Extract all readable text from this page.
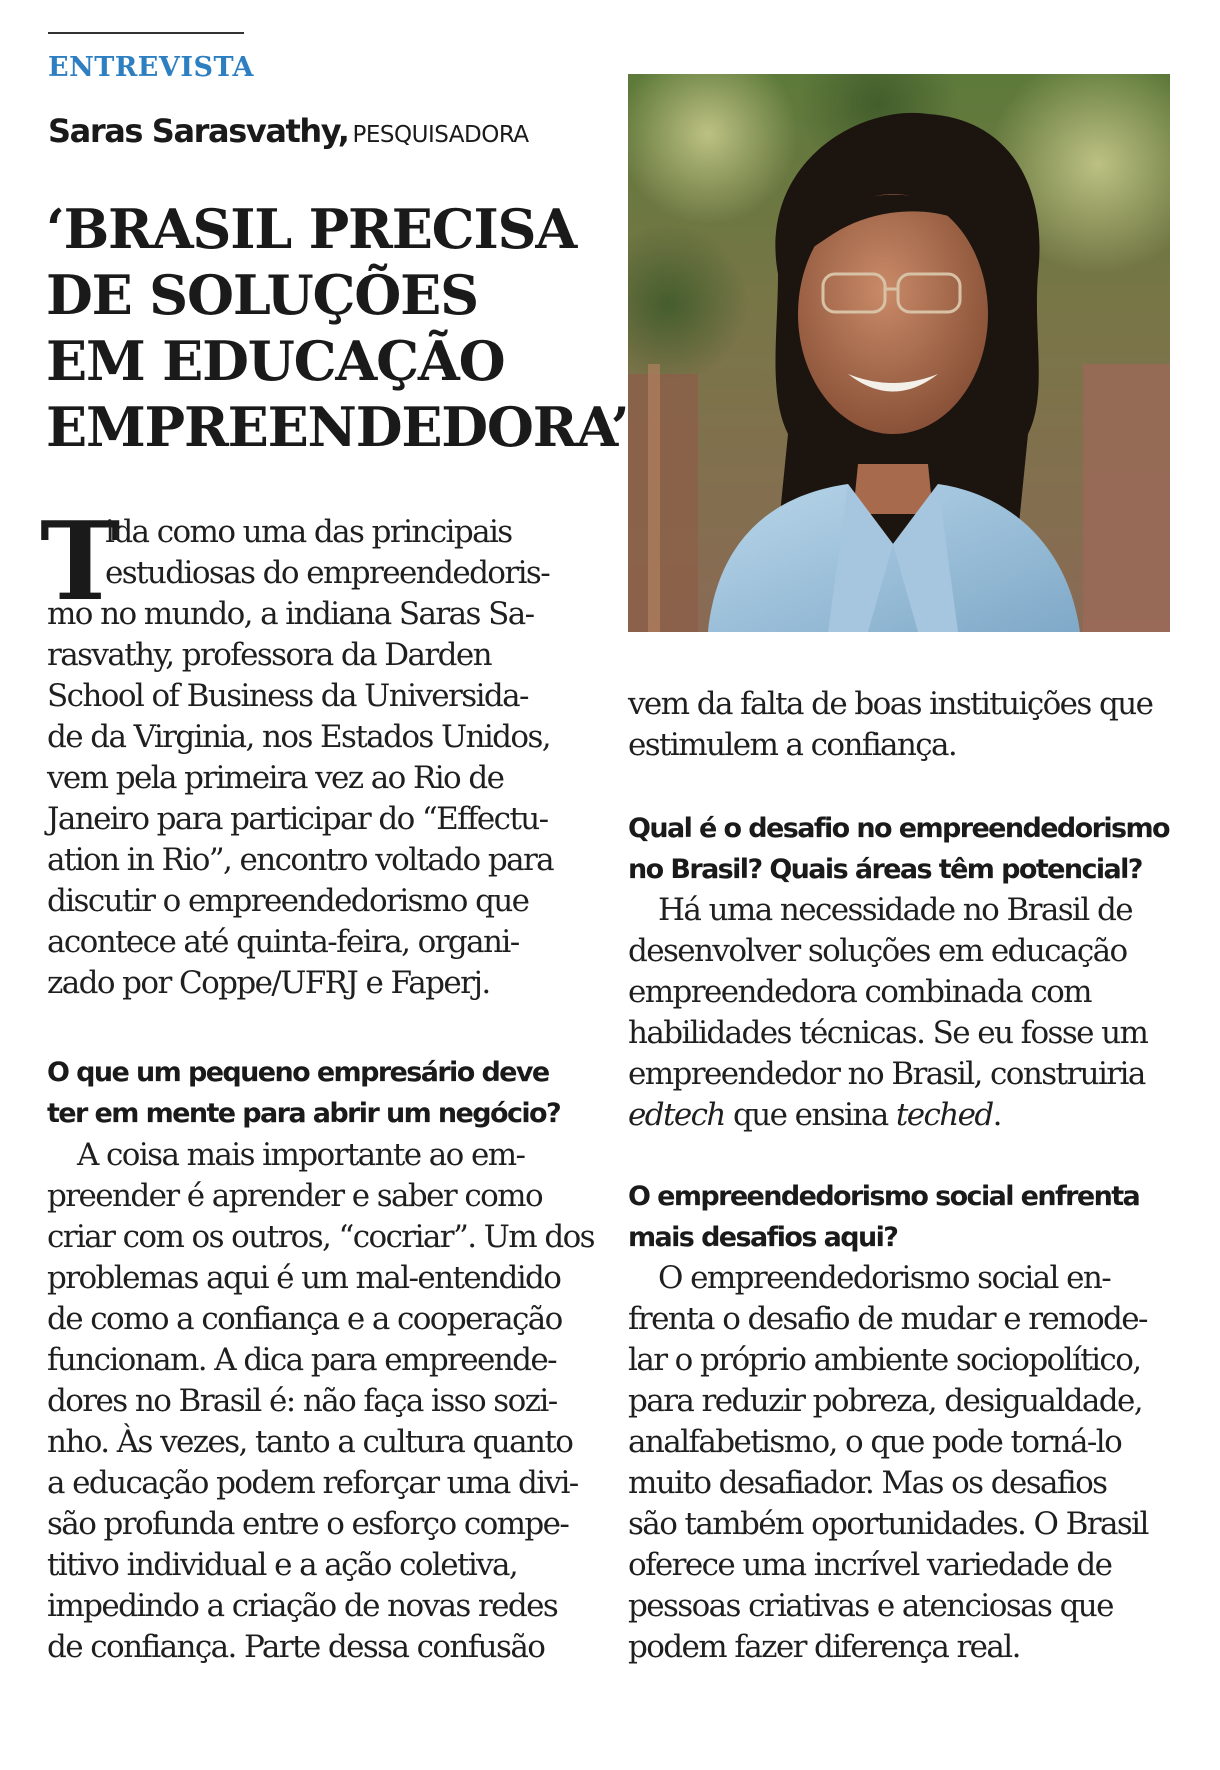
ENTREVISTA
Saras Sarasvathy, PESQUISADORA
‘BRASIL PRECISA
DE SOLUÇÕES
EM EDUCAÇÃO
EMPREENDEDORA’
T
ida como uma das principais
estudiosas do empreendedoris-
mo no mundo, a indiana Saras Sa-
rasvathy, professora da Darden
School of Business da Universida-
de da Virginia, nos Estados Unidos,
vem pela primeira vez ao Rio de
Janeiro para participar do “Effectu-
ation in Rio”, encontro voltado para
discutir o empreendedorismo que
acontece até quinta-feira, organi-
zado por Coppe/UFRJ e Faperj.
O que um pequeno empresário deve
ter em mente para abrir um negócio?
A coisa mais importante ao em-
preender é aprender e saber como
criar com os outros, “cocriar”. Um dos
problemas aqui é um mal-entendido
de como a confiança e a cooperação
funcionam. A dica para empreende-
dores no Brasil é: não faça isso sozi-
nho. Às vezes, tanto a cultura quanto
a educação podem reforçar uma divi-
são profunda entre o esforço compe-
titivo individual e a ação coletiva,
impedindo a criação de novas redes
de confiança. Parte dessa confusão
vem da falta de boas instituições que
estimulem a confiança.
Qual é o desafio no empreendedorismo
no Brasil? Quais áreas têm potencial?
Há uma necessidade no Brasil de
desenvolver soluções em educação
empreendedora combinada com
habilidades técnicas. Se eu fosse um
empreendedor no Brasil, construiria
edtech que ensina teched.
O empreendedorismo social enfrenta
mais desafios aqui?
O empreendedorismo social en-
frenta o desafio de mudar e remode-
lar o próprio ambiente sociopolítico,
para reduzir pobreza, desigualdade,
analfabetismo, o que pode torná-lo
muito desafiador. Mas os desafios
são também oportunidades. O Brasil
oferece uma incrível variedade de
pessoas criativas e atenciosas que
podem fazer diferença real.
